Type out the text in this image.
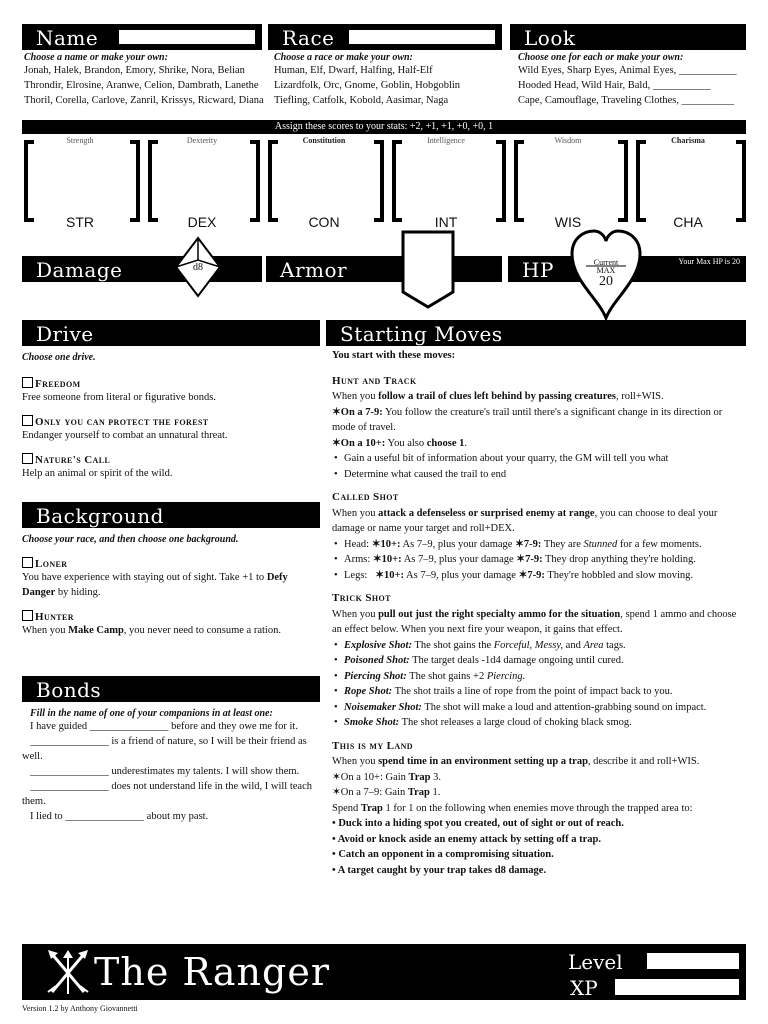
Name	Race	Look
Choose a name or make your own:
Jonah, Halek, Brandon, Emory, Shrike, Nora, Belian
Throndir, Elrosine, Aranwe, Celion, Dambrath, Lanethe
Thoril, Corella, Carlove, Zanril, Krissys, Ricward, Diana
Choose a race or make your own:
Human, Elf, Dwarf, Halfing, Half-Elf
Lizardfolk, Orc, Gnome, Goblin, Hobgoblin
Tiefling, Catfolk, Kobold, Aasimar, Naga
Choose one for each or make your own:
Wild Eyes, Sharp Eyes, Animal Eyes, ___________
Hooded Head, Wild Hair, Bald, ___________
Cape, Camouflage, Traveling Clothes, __________
Assign these scores to your stats: +2, +1, +1, +0, +0, 1
Strength	Dexterity	Constitution	Intelligence	Wisdom	Charisma
STR	DEX	CON	INT	WIS	CHA
Damage	d8	Armor	HP	Your Max HP is 20
Current
MAX
20
Drive
Choose one drive.
Freedom
Free someone from literal or figurative bonds.
Only you can protect the forest
Endanger yourself to combat an unnatural threat.
Nature's Call
Help an animal or spirit of the wild.
Background
Choose your race, and then choose one background.
Loner
You have experience with staying out of sight. Take +1 to Defy Danger by hiding.
Hunter
When you Make Camp, you never need to consume a ration.
Bonds
Fill in the name of one of your companions in at least one:
I have guided _______________ before and they owe me for it.
_______________ is a friend of nature, so I will be their friend as well.
_______________ underestimates my talents. I will show them.
_______________ does not understand life in the wild, I will teach them.
I lied to _______________ about my past.
Starting Moves
You start with these moves:
Hunt and Track
When you follow a trail of clues left behind by passing creatures, roll+WIS.
✶On a 7-9: You follow the creature's trail until there's a significant change in its direction or mode of travel.
✶On a 10+: You also choose 1.
• Gain a useful bit of information about your quarry, the GM will tell you what
• Determine what caused the trail to end
Called Shot
When you attack a defenseless or surprised enemy at range, you can choose to deal your damage or name your target and roll+DEX.
• Head: ✶10+: As 7–9, plus your damage ✶7-9: They are Stunned for a few moments.
• Arms: ✶10+: As 7–9, plus your damage ✶7-9: They drop anything they're holding.
• Legs:   ✶10+: As 7–9, plus your damage ✶7-9: They're hobbled and slow moving.
Trick Shot
When you pull out just the right specialty ammo for the situation, spend 1 ammo and choose an effect below. When you next fire your weapon, it gains that effect.
• Explosive Shot: The shot gains the Forceful, Messy, and Area tags.
• Poisoned Shot: The target deals -1d4 damage ongoing until cured.
• Piercing Shot: The shot gains +2 Piercing.
• Rope Shot: The shot trails a line of rope from the point of impact back to you.
• Noisemaker Shot: The shot will make a loud and attention-grabbing sound on impact.
• Smoke Shot: The shot releases a large cloud of choking black smog.
This is my Land
When you spend time in an environment setting up a trap, describe it and roll+WIS.
✶On a 10+: Gain Trap 3.
✶On a 7–9: Gain Trap 1.
Spend Trap 1 for 1 on the following when enemies move through the trapped area to:
• Duck into a hiding spot you created, out of sight or out of reach.
• Avoid or knock aside an enemy attack by setting off a trap.
• Catch an opponent in a compromising situation.
• A target caught by your trap takes d8 damage.
The Ranger	Level
XP
Version 1.2 by Anthony Giovannetti
